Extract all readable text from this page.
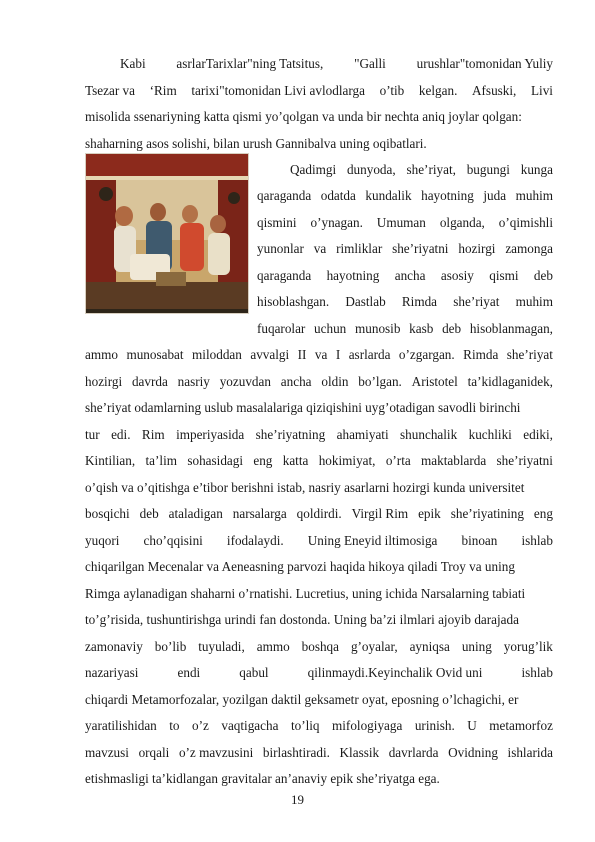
Kabi asrlarTarixlar"ning Tatsitus, "Galli urushlar"tomonidan Yuliy
Tsezar va ‘Rim tarixi"tomonidan Livi avlodlarga o’tib kelgan. Afsuski, Livi
misolida ssenariyning katta qismi yo’qolgan va unda bir nechta aniq joylar qolgan:
shaharning asos solishi, bilan urush Gannibalva uning oqibatlari.
Qadimgi dunyoda, she’riyat, bugungi kunga
qaraganda odatda kundalik hayotning juda muhim
qismini o’ynagan. Umuman olganda, o’qimishli
yunonlar va rimliklar she’riyatni hozirgi zamonga
qaraganda hayotning ancha asosiy qismi deb
hisoblashgan. Dastlab Rimda she’riyat muhim
fuqarolar uchun munosib kasb deb hisoblanmagan,
ammo munosabat miloddan avvalgi II va I asrlarda o’zgargan. Rimda she’riyat
hozirgi davrda nasriy yozuvdan ancha oldin bo’lgan. Aristotel ta’kidlaganidek,
she’riyat odamlarning uslub masalalariga qiziqishini uyg’otadigan savodli birinchi
tur edi. Rim imperiyasida she’riyatning ahamiyati shunchalik kuchliki ediki,
Kintilian, ta’lim sohasidagi eng katta hokimiyat, o’rta maktablarda she’riyatni
o’qish va o’qitishga e’tibor berishni istab, nasriy asarlarni hozirgi kunda universitet
bosqichi deb ataladigan narsalarga qoldirdi. Virgil Rim epik she’riyatining eng
yuqori cho’qqisini ifodalaydi. Uning Eneyid iltimosiga binoan ishlab
chiqarilgan Mecenalar va Aeneasning parvozi haqida hikoya qiladi Troy va uning
Rimga aylanadigan shaharni o’rnatishi. Lucretius, uning ichida Narsalarning tabiati
to’g’risida, tushuntirishga urindi fan dostonda. Uning ba’zi ilmlari ajoyib darajada
zamonaviy bo’lib tuyuladi, ammo boshqa g’oyalar, ayniqsa uning yorug’lik
nazariyasi	endi	qabul	qilinmaydi.Keyinchalik Ovid uni	ishlab
chiqardi Metamorfozalar, yozilgan daktil geksametr oyat, eposning o’lchagichi, er
yaratilishidan to o’z vaqtigacha to’liq mifologiyaga urinish. U metamorfoz
mavzusi orqali o’z mavzusini birlashtiradi. Klassik davrlarda Ovidning ishlarida
etishmasligi ta’kidlangan gravitalar an’anaviy epik she’riyatga ega.
19
